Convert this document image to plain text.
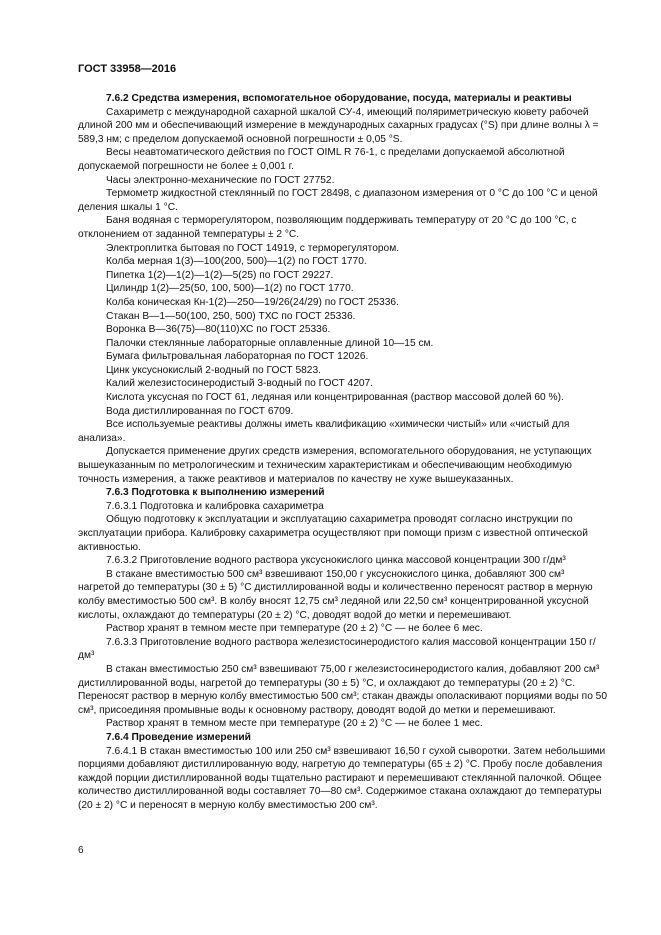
ГОСТ 33958—2016

7.6.2 Средства измерения, вспомогательное оборудование, посуда, материалы и реактивы

Сахариметр с международной сахарной шкалой СУ-4, имеющий поляриметрическую кювету рабочей длиной 200 мм и обеспечивающий измерение в международных сахарных градусах (°S) при длине волны λ = 589,3 нм; с пределом допускаемой основной погрешности ± 0,05 °S.

Весы неавтоматического действия по ГОСТ OIML R 76-1, с пределами допускаемой абсолютной допускаемой погрешности не более ± 0,001 г.

Часы электронно-механические по ГОСТ 27752.

Термометр жидкостной стеклянный по ГОСТ 28498, с диапазоном измерения от 0 °С до 100 °С и ценой деления шкалы 1 °С.

Баня водяная с терморегулятором, позволяющим поддерживать температуру от 20 °С до 100 °С, с отклонением от заданной температуры ± 2 °С.

Электроплитка бытовая по ГОСТ 14919, с терморегулятором.

Колба мерная 1(3)—100(200, 500)—1(2) по ГОСТ 1770.

Пипетка 1(2)—1(2)—1(2)—5(25) по ГОСТ 29227.

Цилиндр 1(2)—25(50, 100, 500)—1(2) по ГОСТ 1770.

Колба коническая Кн-1(2)—250—19/26(24/29) по ГОСТ 25336.

Стакан В—1—50(100, 250, 500) ТХС по ГОСТ 25336.

Воронка В—36(75)—80(110)ХС по ГОСТ 25336.

Палочки стеклянные лабораторные оплавленные длиной 10—15 см.

Бумага фильтровальная лабораторная по ГОСТ 12026.

Цинк уксуснокислый 2-водный по ГОСТ 5823.

Калий железистосинеродистый 3-водный по ГОСТ 4207.

Кислота уксусная по ГОСТ 61, ледяная или концентрированная (раствор массовой долей 60 %).

Вода дистиллированная по ГОСТ 6709.

Все используемые реактивы должны иметь квалификацию «химически чистый» или «чистый для анализа».

Допускается применение других средств измерения, вспомогательного оборудования, не уступающих вышеуказанным по метрологическим и техническим характеристикам и обеспечивающим необходимую точность измерения, а также реактивов и материалов по качеству не хуже вышеуказанных.

7.6.3 Подготовка к выполнению измерений

7.6.3.1 Подготовка и калибровка сахариметра

Общую подготовку к эксплуатации и эксплуатацию сахариметра проводят согласно инструкции по эксплуатации прибора. Калибровку сахариметра осуществляют при помощи призм с известной оптической активностью.

7.6.3.2 Приготовление водного раствора уксуснокислого цинка массовой концентрации 300 г/дм³

В стакане вместимостью 500 см³ взвешивают 150,00 г уксуснокислого цинка, добавляют 300 см³ нагретой до температуры (30 ± 5) °С дистиллированной воды и количественно переносят раствор в мерную колбу вместимостью 500 см³. В колбу вносят 12,75 см³ ледяной или 22,50 см³ концентрированной уксусной кислоты, охлаждают до температуры (20 ± 2) °С, доводят водой до метки и перемешивают.

Раствор хранят в темном месте при температуре (20 ± 2) °С — не более 6 мес.

7.6.3.3 Приготовление водного раствора железистосинеродистого калия массовой концентрации 150 г/дм³

В стакан вместимостью 250 см³ взвешивают 75,00 г железистосинеродистого калия, добавляют 200 см³ дистиллированной воды, нагретой до температуры (30 ± 5) °С, и охлаждают до температуры (20 ± 2) °С. Переносят раствор в мерную колбу вместимостью 500 см³; стакан дважды ополаскивают порциями воды по 50 см³, присоединяя промывные воды к основному раствору, доводят водой до метки и перемешивают.

Раствор хранят в темном месте при температуре (20 ± 2) °С — не более 1 мес.

7.6.4 Проведение измерений

7.6.4.1 В стакан вместимостью 100 или 250 см³ взвешивают 16,50 г сухой сыворотки. Затем небольшими порциями добавляют дистиллированную воду, нагретую до температуры (65 ± 2) °С. Пробу после добавления каждой порции дистиллированной воды тщательно растирают и перемешивают стеклянной палочкой. Общее количество дистиллированной воды составляет 70—80 см³. Содержимое стакана охлаждают до температуры (20 ± 2) °С и переносят в мерную колбу вместимостью 200 см³.

6
